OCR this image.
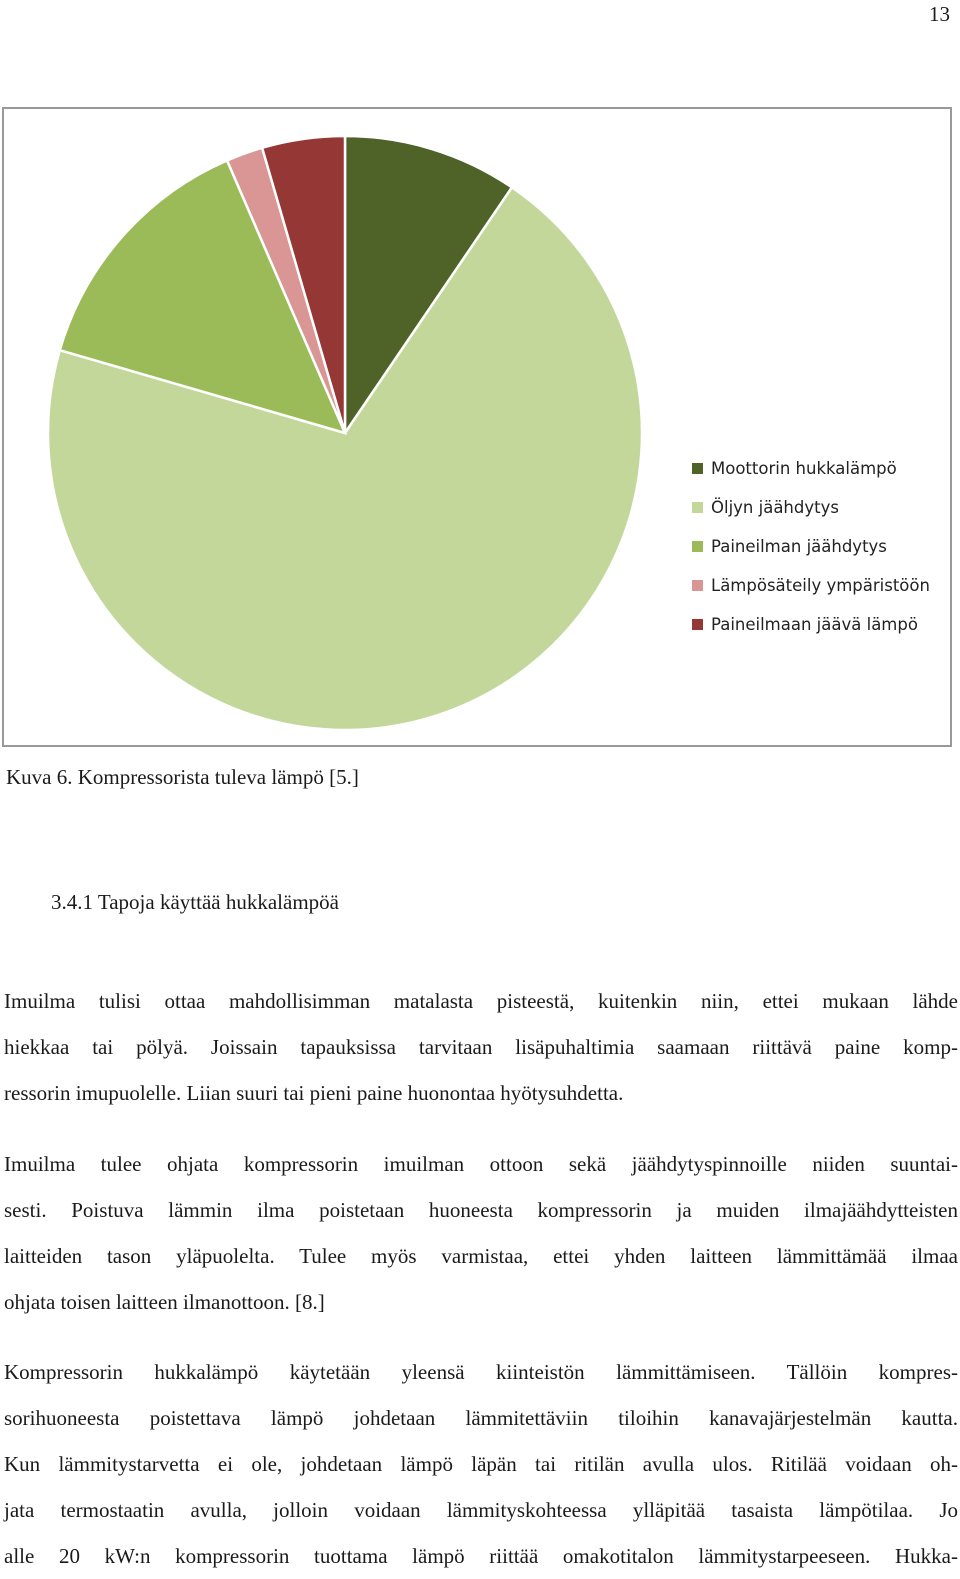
13
Moottorin hukkalämpö
Öljyn jäähdytys
Paineilman jäähdytys
Lämpösäteily ympäristöön
Paineilmaan jäävä lämpö
Kuva 6. Kompressorista tuleva lämpö [5.]
3.4.1 Tapoja käyttää hukkalämpöä

Imuilma tulisi ottaa mahdollisimman matalasta pisteestä, kuitenkin niin, ettei mukaan lähde
hiekkaa tai pölyä. Joissain tapauksissa tarvitaan lisäpuhaltimia saamaan riittävä paine komp-
ressorin imupuolelle. Liian suuri tai pieni paine huonontaa hyötysuhdetta.

Imuilma tulee ohjata kompressorin imuilman ottoon sekä jäähdytyspinnoille niiden suuntai-
sesti. Poistuva lämmin ilma poistetaan huoneesta kompressorin ja muiden ilmajäähdytteisten
laitteiden tason yläpuolelta. Tulee myös varmistaa, ettei yhden laitteen lämmittämää ilmaa
ohjata toisen laitteen ilmanottoon. [8.]

Kompressorin hukkalämpö käytetään yleensä kiinteistön lämmittämiseen. Tällöin kompres-
sorihuoneesta poistettava lämpö johdetaan lämmitettäviin tiloihin kanavajärjestelmän kautta.
Kun lämmitystarvetta ei ole, johdetaan lämpö läpän tai ritilän avulla ulos. Ritilää voidaan oh-
jata termostaatin avulla, jolloin voidaan lämmityskohteessa ylläpitää tasaista lämpötilaa. Jo
alle 20 kW:n kompressorin tuottama lämpö riittää omakotitalon lämmitystarpeeseen. Hukka-
